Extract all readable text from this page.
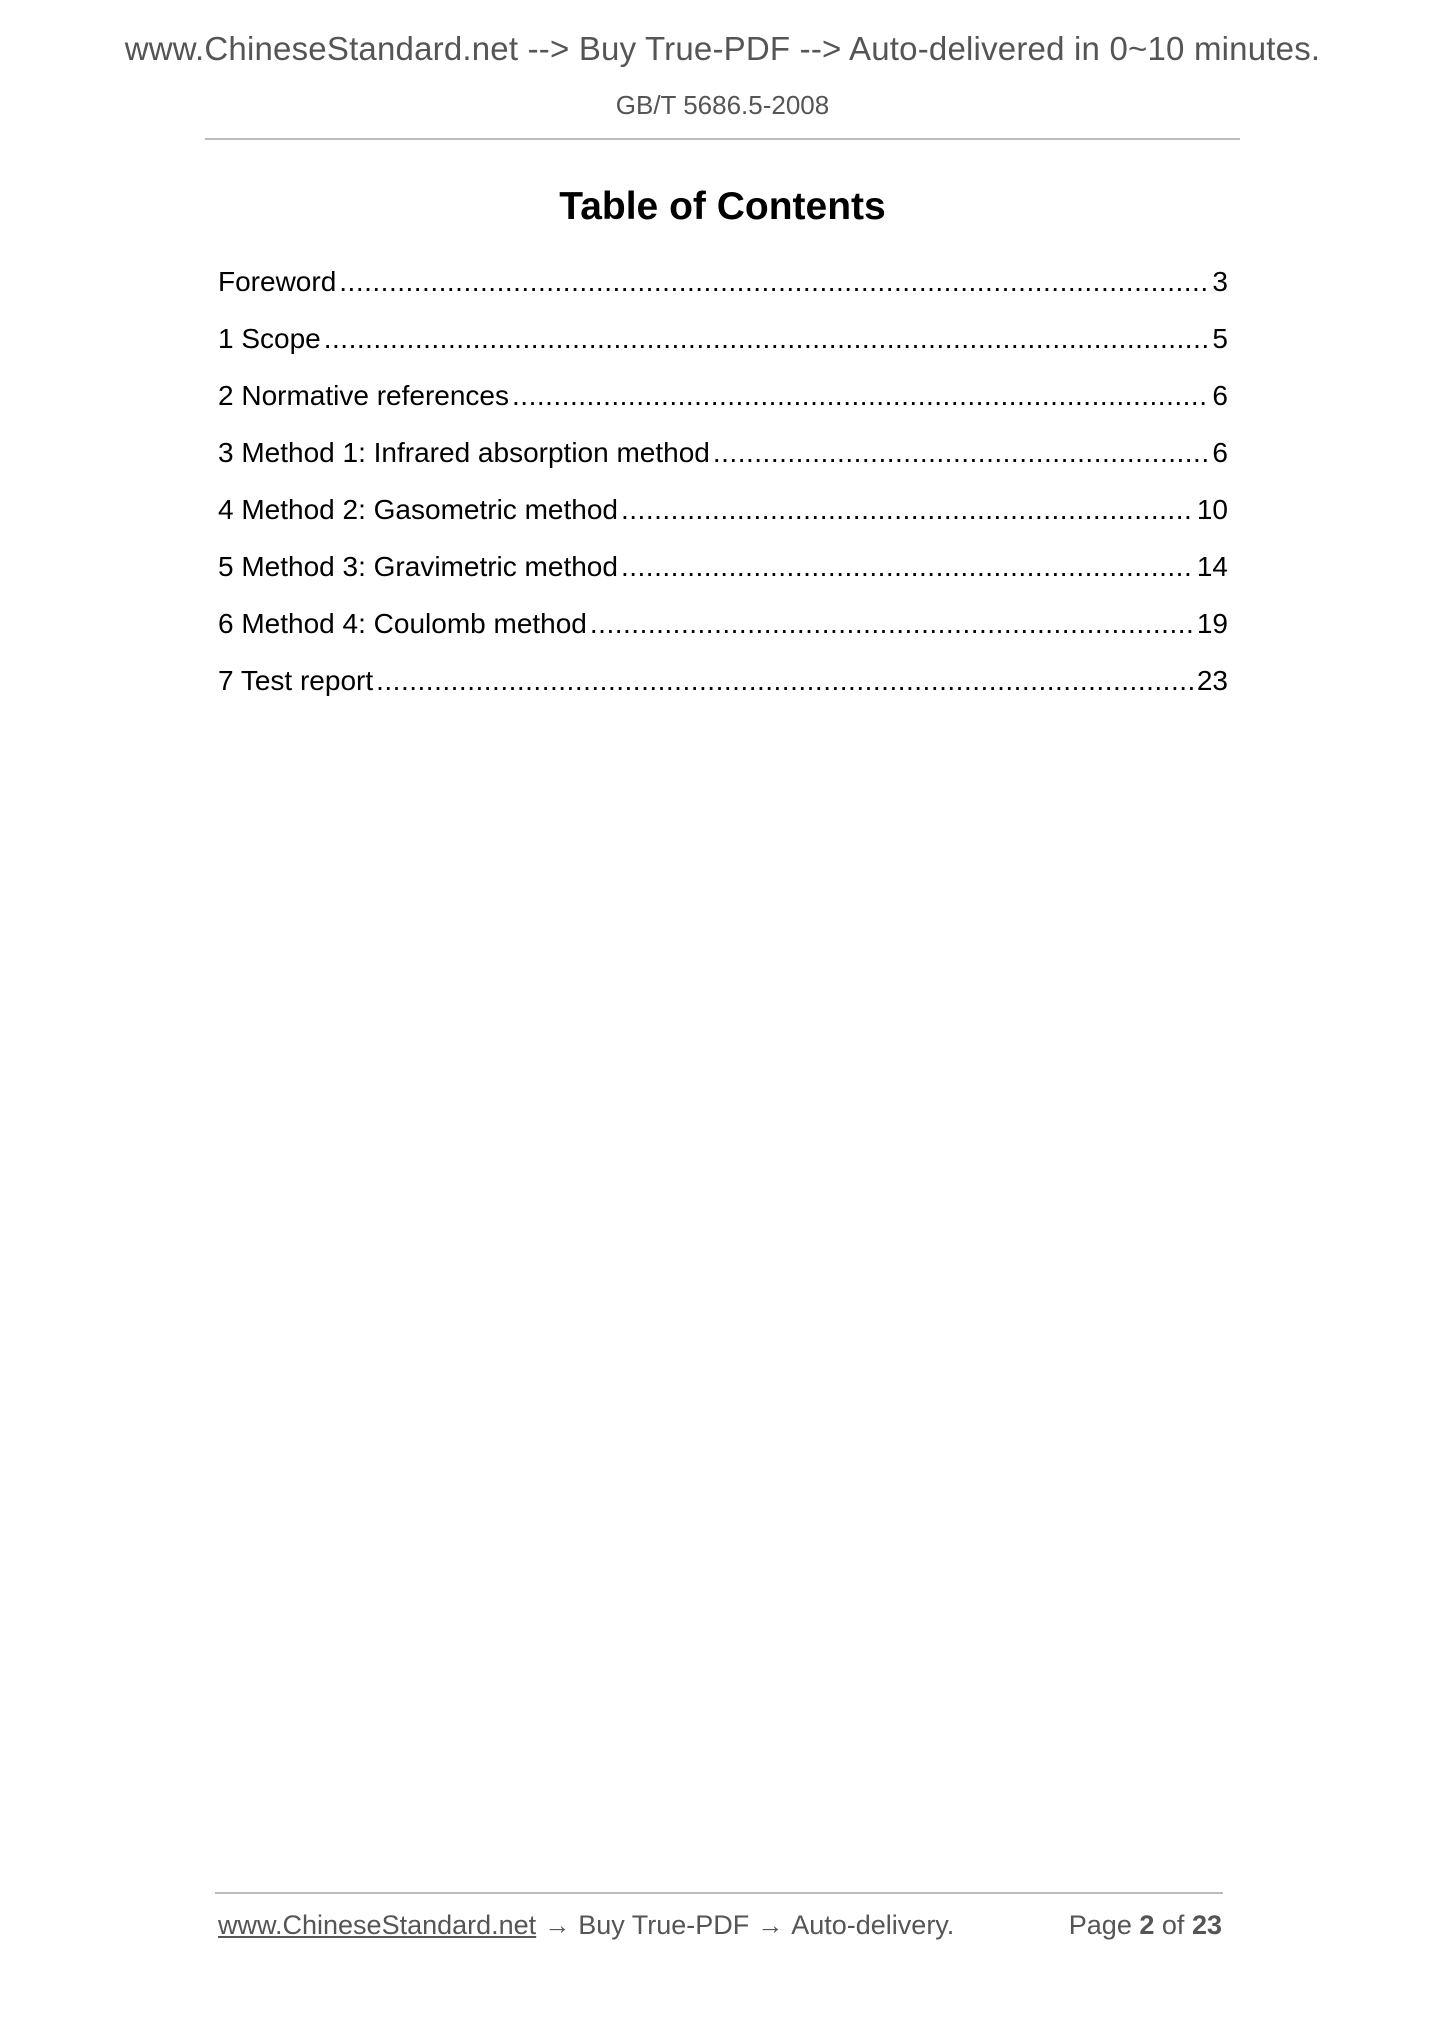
www.ChineseStandard.net --> Buy True-PDF --> Auto-delivered in 0~10 minutes.
GB/T 5686.5-2008
Table of Contents
Foreword .....	3
1 Scope .....	5
2 Normative references .....	6
3 Method 1: Infrared absorption method .....	6
4 Method 2: Gasometric method .....	10
5 Method 3: Gravimetric method .....	14
6 Method 4: Coulomb method .....	19
7 Test report .....	23
www.ChineseStandard.net → Buy True-PDF → Auto-delivery.	Page 2 of 23
